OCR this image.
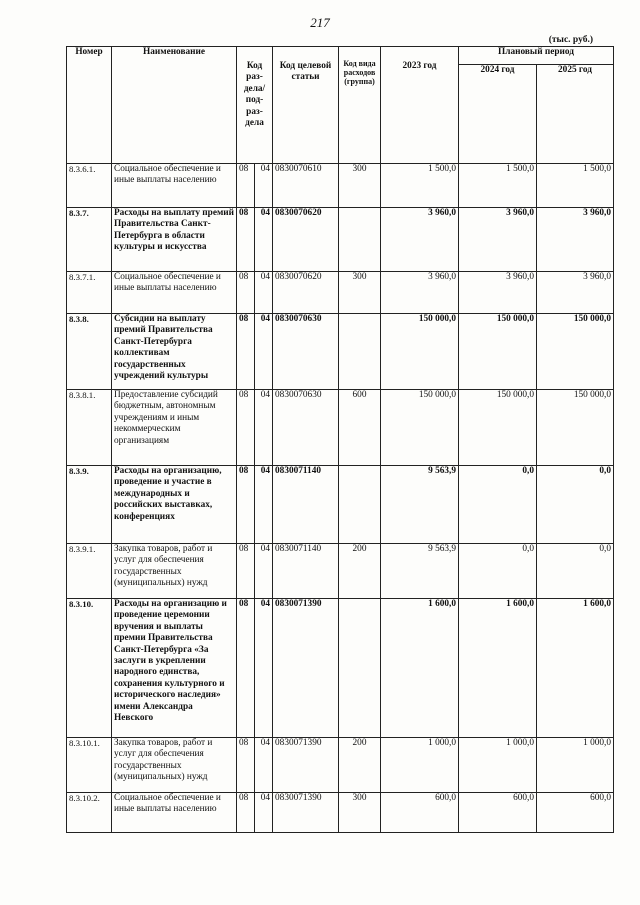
217
(тыс. руб.)
Номер	Наименование	Код раз-дела/ под-раз-дела		Код целевой статьи	Код вида расходов (группа)	2023 год	Плановый период	
							2024 год	2025 год
8.3.6.1.	Социальное обеспечение и иные выплаты населению	08	04	0830070610	300	1 500,0	1 500,0	1 500,0
8.3.7.	Расходы на выплату премий Правительства Санкт-Петербурга в области культуры и искусства	08	04	0830070620		3 960,0	3 960,0	3 960,0
8.3.7.1.	Социальное обеспечение и иные выплаты населению	08	04	0830070620	300	3 960,0	3 960,0	3 960,0
8.3.8.	Субсидии на выплату премий Правительства Санкт-Петербурга коллективам государственных учреждений культуры	08	04	0830070630		150 000,0	150 000,0	150 000,0
8.3.8.1.	Предоставление субсидий бюджетным, автономным учреждениям и иным некоммерческим организациям	08	04	0830070630	600	150 000,0	150 000,0	150 000,0
8.3.9.	Расходы на организацию, проведение и участие в международных и российских выставках, конференциях	08	04	0830071140		9 563,9	0,0	0,0
8.3.9.1.	Закупка товаров, работ и услуг для обеспечения государственных (муниципальных) нужд	08	04	0830071140	200	9 563,9	0,0	0,0
8.3.10.	Расходы на организацию и проведение церемонии вручения и выплаты премии Правительства Санкт-Петербурга «За заслуги в укреплении народного единства, сохранения культурного и исторического наследия» имени Александра Невского	08	04	0830071390		1 600,0	1 600,0	1 600,0
8.3.10.1.	Закупка товаров, работ и услуг для обеспечения государственных (муниципальных) нужд	08	04	0830071390	200	1 000,0	1 000,0	1 000,0
8.3.10.2.	Социальное обеспечение и иные выплаты населению	08	04	0830071390	300	600,0	600,0	600,0
